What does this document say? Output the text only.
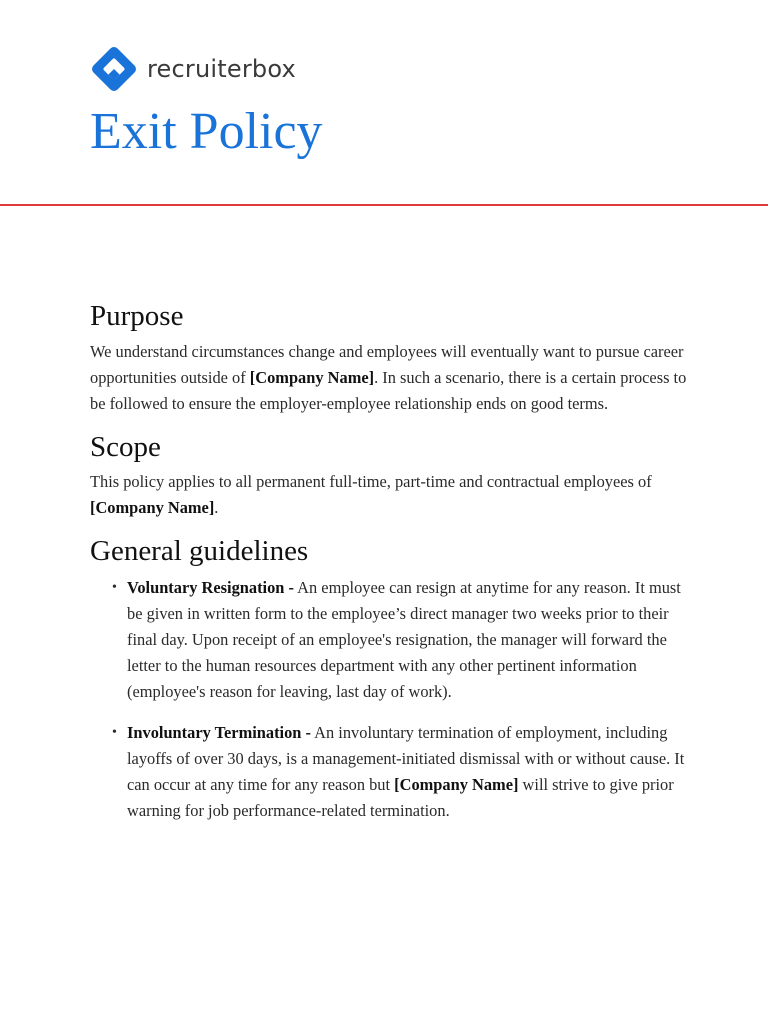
recruiterbox
Exit Policy
Purpose

We understand circumstances change and employees will eventually want to pursue career opportunities outside of [Company Name]. In such a scenario, there is a certain process to be followed to ensure the employer-employee relationship ends on good terms.

Scope

This policy applies to all permanent full-time, part-time and contractual employees of [Company Name].

General guidelines
• Voluntary Resignation - An employee can resign at anytime for any reason. It must be given in written form to the employee’s direct manager two weeks prior to their final day. Upon receipt of an employee's resignation, the manager will forward the letter to the human resources department with any other pertinent information (employee's reason for leaving, last day of work).
• Involuntary Termination - An involuntary termination of employment, including layoffs of over 30 days, is a management-initiated dismissal with or without cause. It can occur at any time for any reason but [Company Name] will strive to give prior warning for job performance-related termination.
